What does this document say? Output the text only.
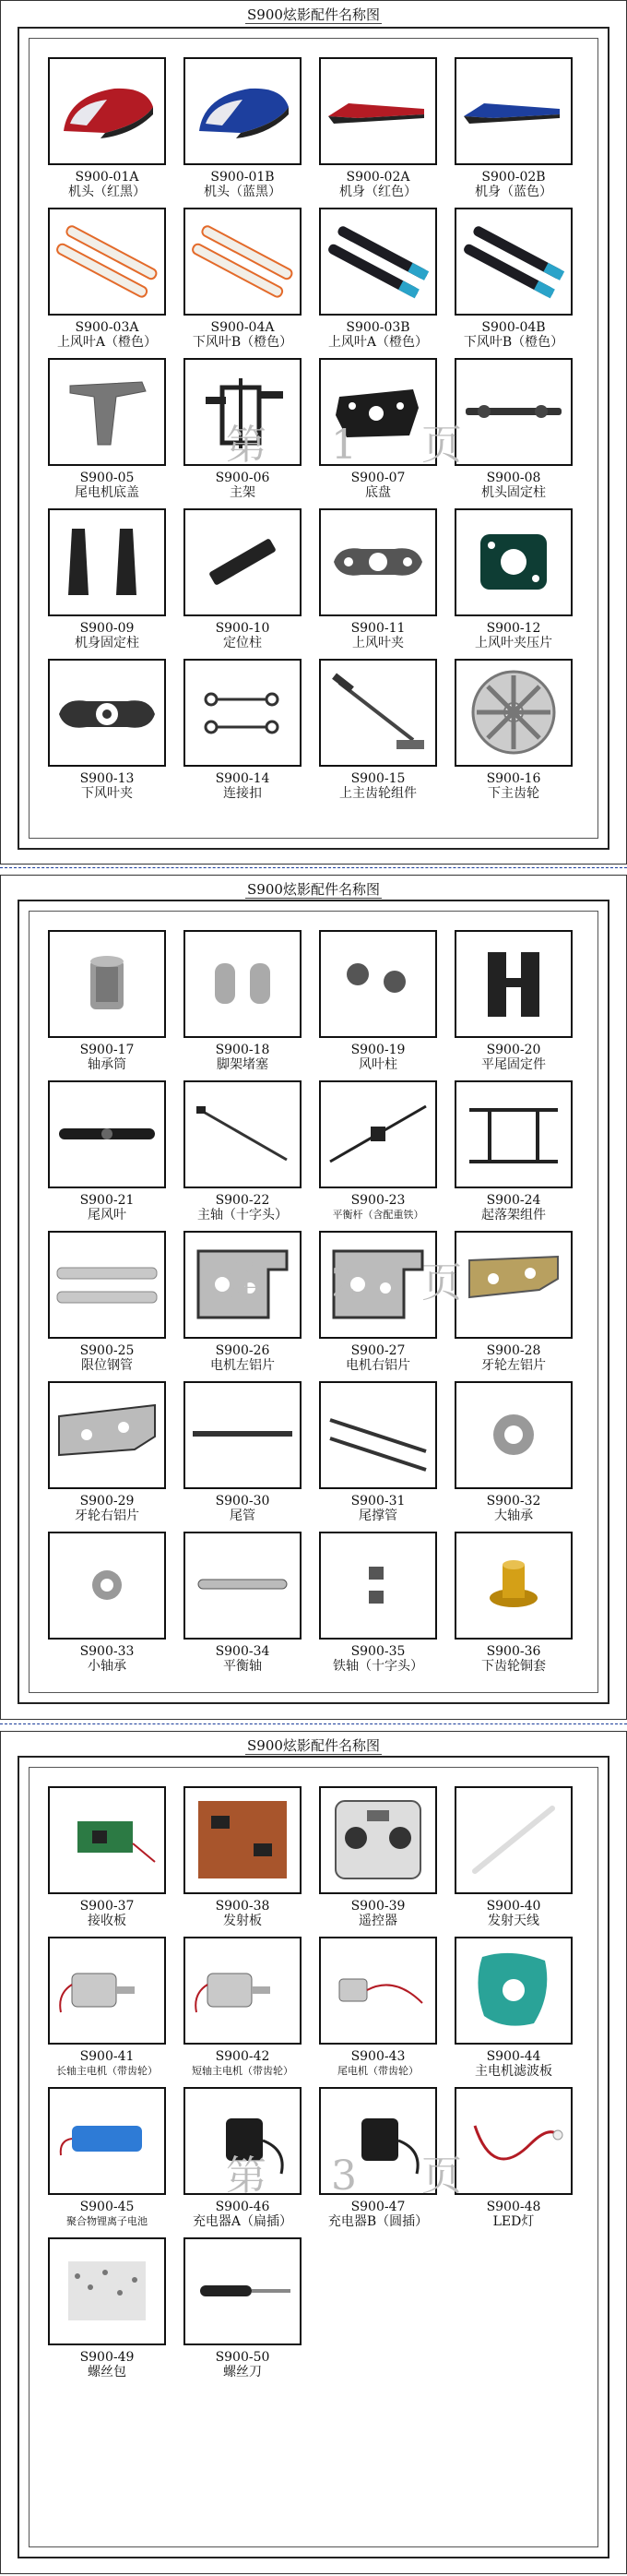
S900炫影配件名称图
S900-01A
机头（红黑）
S900-01B
机头（蓝黑）
S900-02A
机身（红色）
S900-02B
机身（蓝色）
S900-03A
上风叶A（橙色）
S900-04A
下风叶B（橙色）
S900-03B
上风叶A（橙色）
S900-04B
下风叶B（橙色）
S900-05
尾电机底盖
S900-06
主架
S900-07
底盘
S900-08
机头固定柱
S900-09
机身固定柱
S900-10
定位柱
S900-11
上风叶夹
S900-12
上风叶夹压片
S900-13
下风叶夹
S900-14
连接扣
S900-15
上主齿轮组件
S900-16
下主齿轮
第 1 页
S900炫影配件名称图
S900-17
轴承筒
S900-18
脚架堵塞
S900-19
风叶柱
S900-20
平尾固定件
S900-21
尾风叶
S900-22
主轴（十字头）
S900-23
平衡杆（含配重铁）
S900-24
起落架组件
S900-25
限位钢管
S900-26
电机左铝片
S900-27
电机右铝片
S900-28
牙轮左铝片
S900-29
牙轮右铝片
S900-30
尾管
S900-31
尾撑管
S900-32
大轴承
S900-33
小轴承
S900-34
平衡轴
S900-35
铁轴（十字头）
S900-36
下齿轮铜套
第 2 页
S900炫影配件名称图
S900-37
接收板
S900-38
发射板
S900-39
遥控器
S900-40
发射天线
S900-41
长轴主电机（带齿轮）
S900-42
短轴主电机（带齿轮）
S900-43
尾电机（带齿轮）
S900-44
主电机滤波板
S900-45
聚合物锂离子电池
S900-46
充电器A（扁插）
S900-47
充电器B（圆插）
S900-48
LED灯
S900-49
螺丝包
S900-50
螺丝刀
第 3 页
